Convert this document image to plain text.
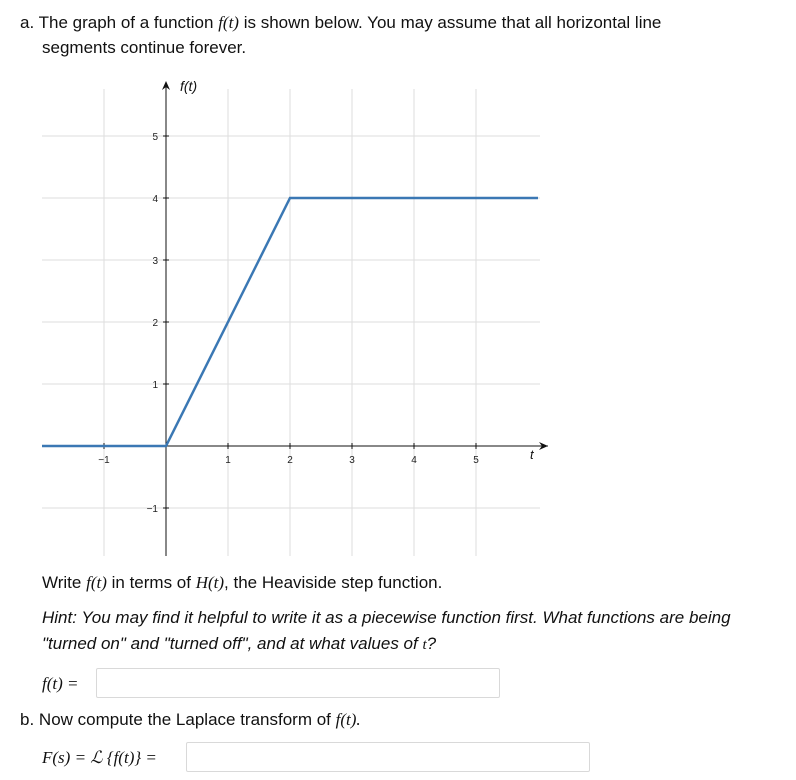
a. The graph of a function f(t) is shown below. You may assume that all horizontal line
segments continue forever.
−1	1	2	3	4	5
5
4
3
2
1
−1
f(t)
t
Write f(t) in terms of H(t), the Heaviside step function.
Hint: You may find it helpful to write it as a piecewise function first. What functions are being
"turned on" and "turned off", and at what values of t?
f(t) =
b. Now compute the Laplace transform of f(t).
F(s) = ℒ {f(t)} =
